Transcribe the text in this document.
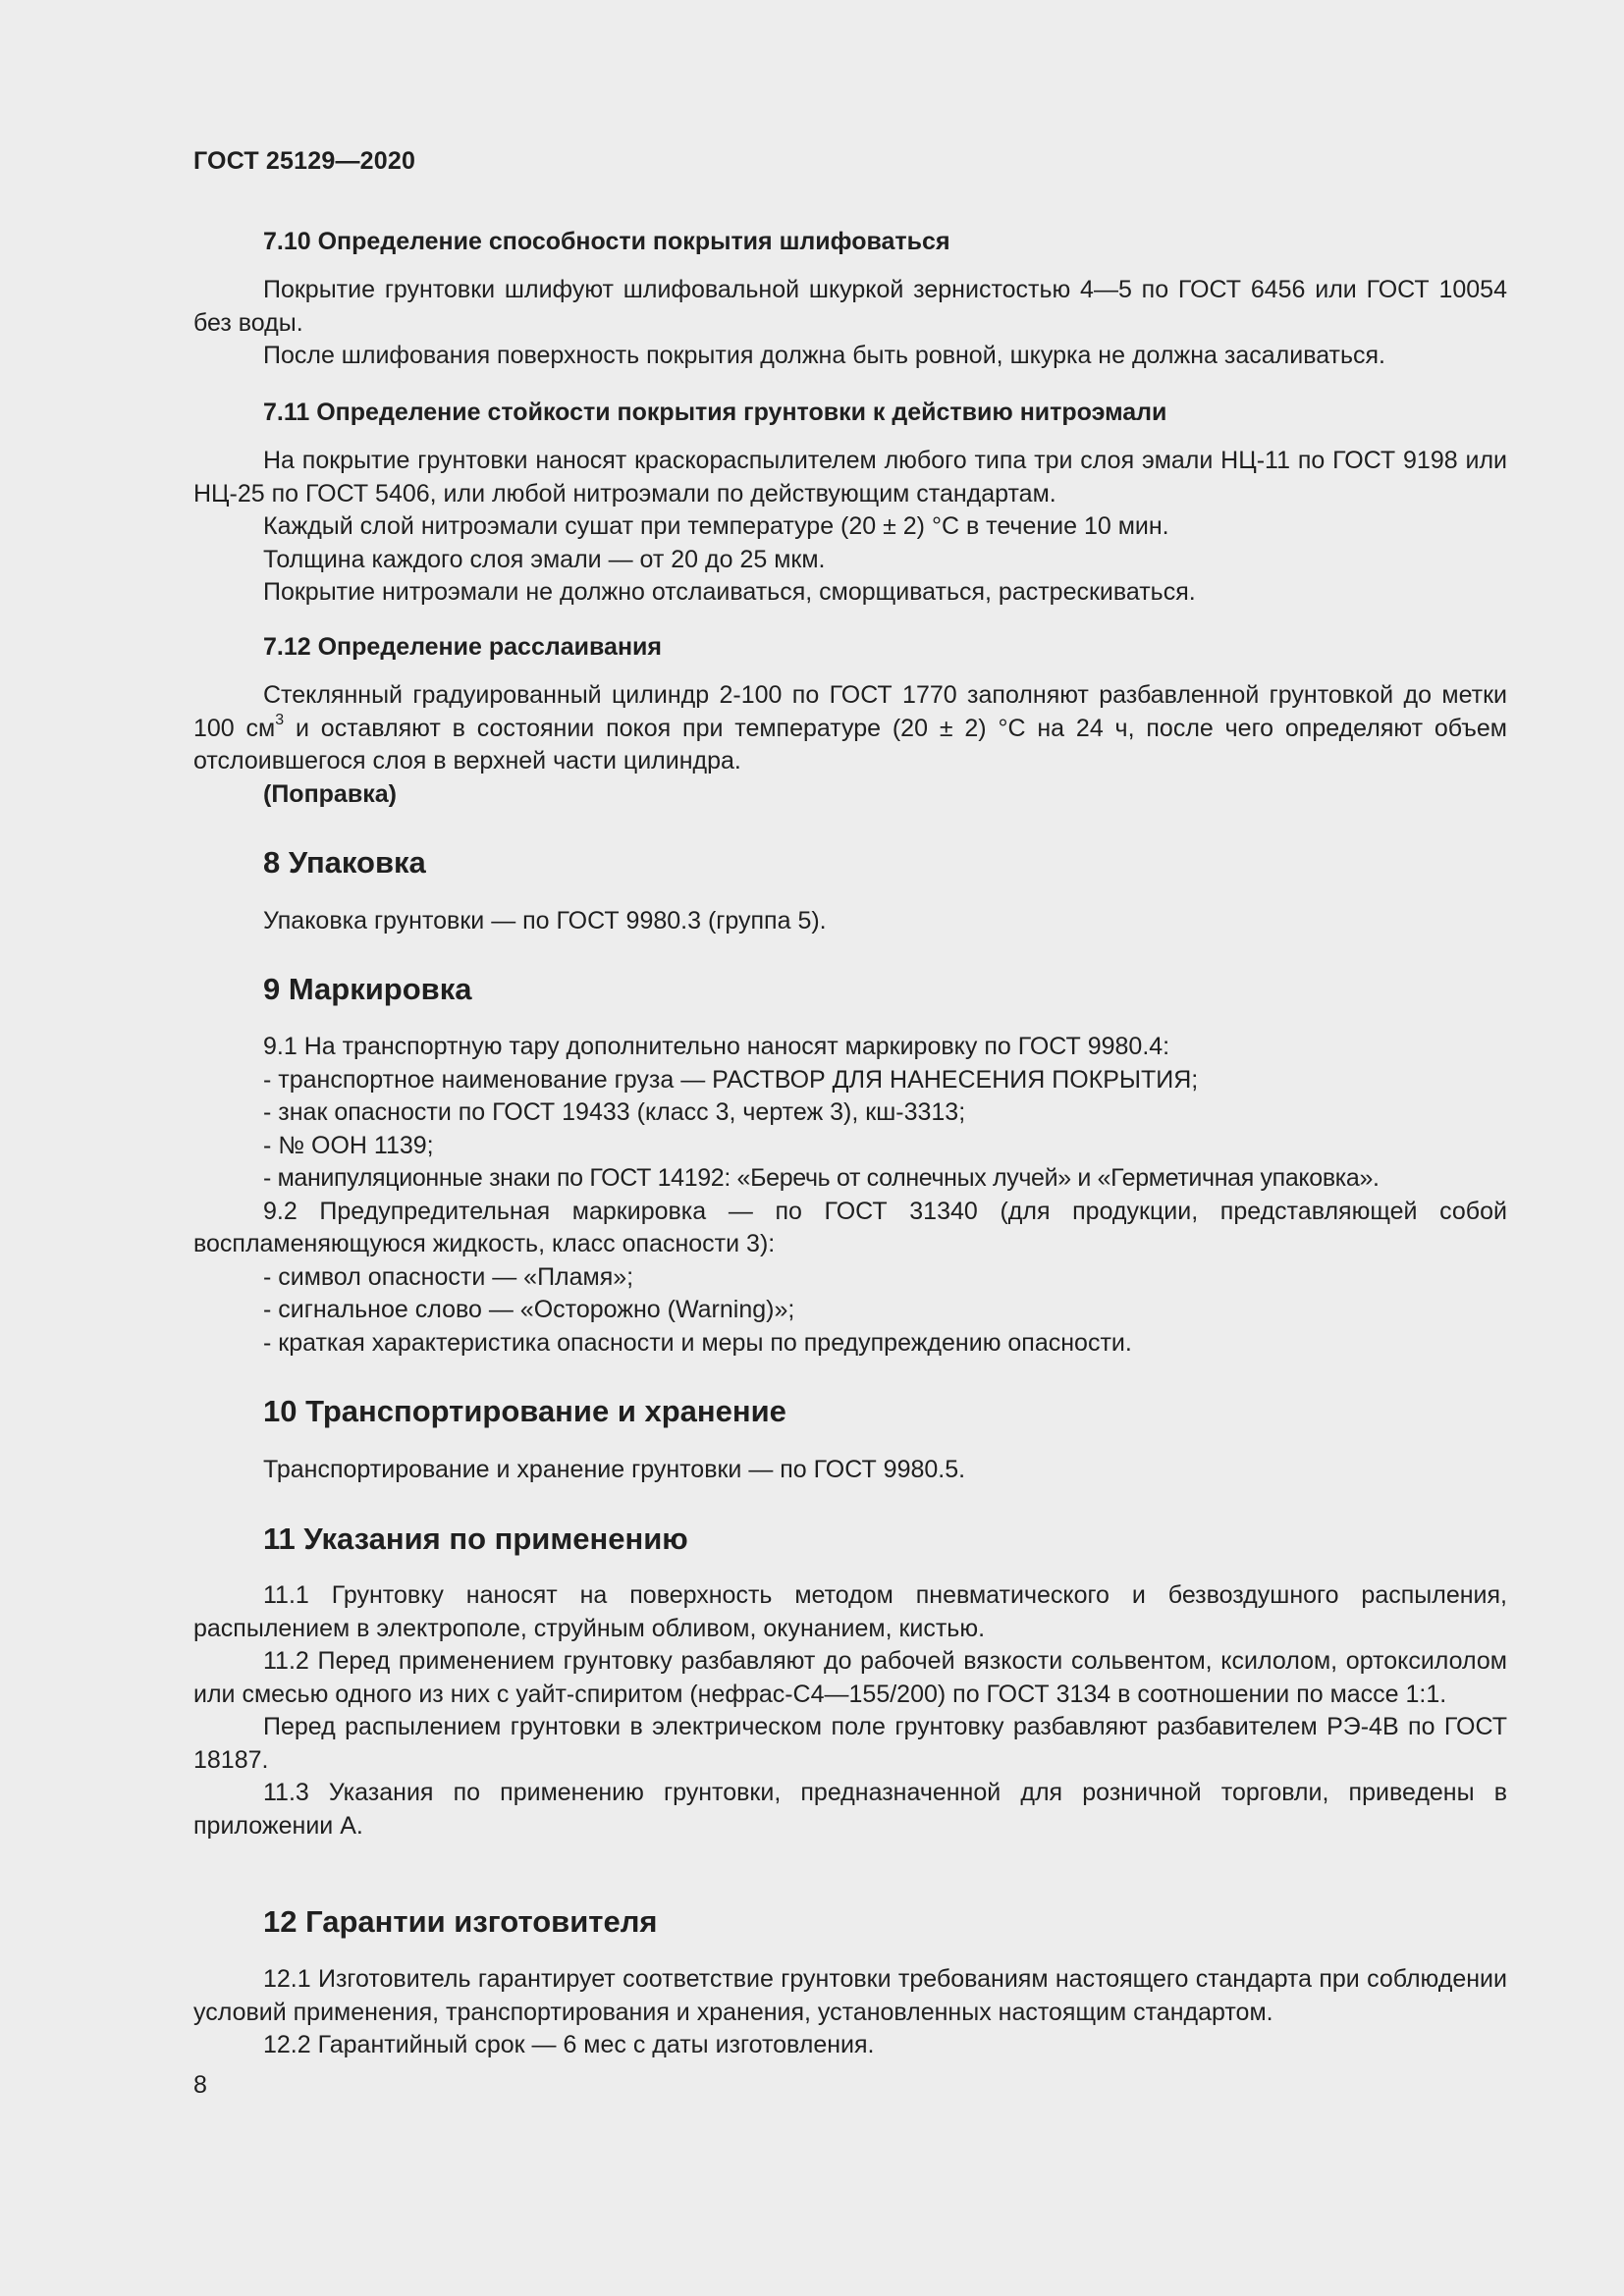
ГОСТ 25129—2020

7.10 Определение способности покрытия шлифоваться

Покрытие грунтовки шлифуют шлифовальной шкуркой зернистостью 4—5 по ГОСТ 6456 или ГОСТ 10054 без воды.

После шлифования поверхность покрытия должна быть ровной, шкурка не должна засаливаться.

7.11 Определение стойкости покрытия грунтовки к действию нитроэмали

На покрытие грунтовки наносят краскораспылителем любого типа три слоя эмали НЦ-11 по ГОСТ 9198 или НЦ-25 по ГОСТ 5406, или любой нитроэмали по действующим стандартам.

Каждый слой нитроэмали сушат при температуре (20 ± 2) °С в течение 10 мин.

Толщина каждого слоя эмали — от 20 до 25 мкм.

Покрытие нитроэмали не должно отслаиваться, сморщиваться, растрескиваться.

7.12 Определение расслаивания

Стеклянный градуированный цилиндр 2-100 по ГОСТ 1770 заполняют разбавленной грунтовкой до метки 100 $см^3$ и оставляют в состоянии покоя при температуре (20 ± 2) °С на 24 ч, после чего определяют объем отслоившегося слоя в верхней части цилиндра.

(Поправка)

8 Упаковка

Упаковка грунтовки — по ГОСТ 9980.3 (группа 5).

9 Маркировка

9.1 На транспортную тару дополнительно наносят маркировку по ГОСТ 9980.4:

- транспортное наименование груза — РАСТВОР ДЛЯ НАНЕСЕНИЯ ПОКРЫТИЯ;

- знак опасности по ГОСТ 19433 (класс 3, чертеж 3), кш-3313;

- № ООН 1139;

- манипуляционные знаки по ГОСТ 14192: «Беречь от солнечных лучей» и «Герметичная упаковка».

9.2 Предупредительная маркировка — по ГОСТ 31340 (для продукции, представляющей собой воспламеняющуюся жидкость, класс опасности 3):

- символ опасности — «Пламя»;

- сигнальное слово — «Осторожно (Warning)»;

- краткая характеристика опасности и меры по предупреждению опасности.

10 Транспортирование и хранение

Транспортирование и хранение грунтовки — по ГОСТ 9980.5.

11 Указания по применению

11.1 Грунтовку наносят на поверхность методом пневматического и безвоздушного распыления, распылением в электрополе, струйным обливом, окунанием, кистью.

11.2 Перед применением грунтовку разбавляют до рабочей вязкости сольвентом, ксилолом, ортоксилолом или смесью одного из них с уайт-спиритом (нефрас-С4—155/200) по ГОСТ 3134 в соотношении по массе 1:1.

Перед распылением грунтовки в электрическом поле грунтовку разбавляют разбавителем РЭ-4В по ГОСТ 18187.

11.3 Указания по применению грунтовки, предназначенной для розничной торговли, приведены в приложении А.

12 Гарантии изготовителя

12.1 Изготовитель гарантирует соответствие грунтовки требованиям настоящего стандарта при соблюдении условий применения, транспортирования и хранения, установленных настоящим стандартом.

12.2 Гарантийный срок — 6 мес с даты изготовления.

8
